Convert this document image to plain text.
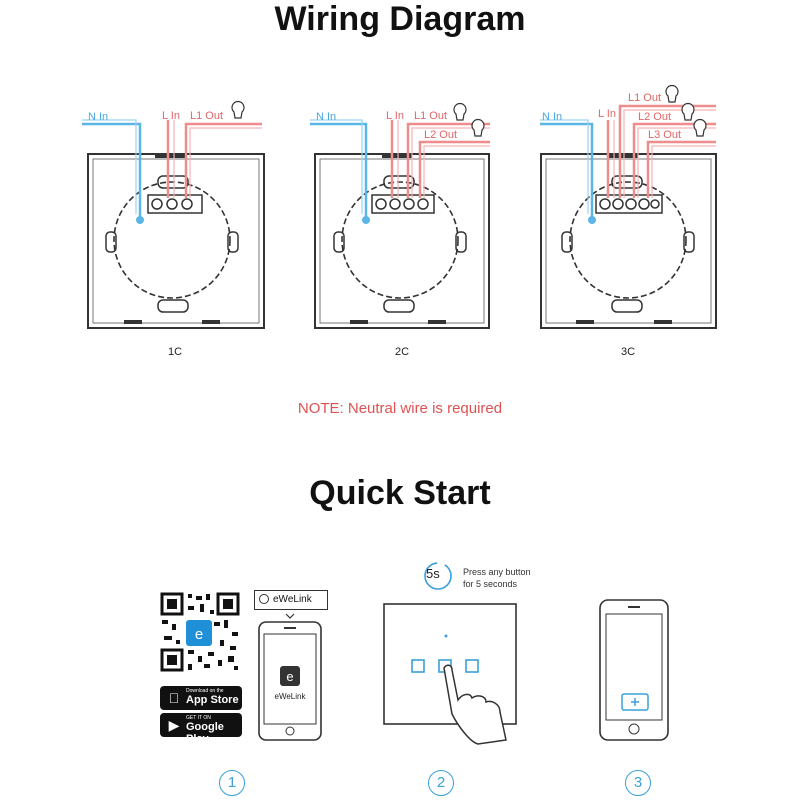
Wiring Diagram
N In	L In L1 Out	N In	L In L1 Out
L2 Out
N In	L In
L1 Out
L2 Out
L3 Out
e
e
1C	2C	3C
NOTE: Neutral wire is required
Quick Start
Download on the
App Store
▶	GET IT ON
Google Play
eWeLink
eWeLink
5s	Press any button
for 5 seconds
1	2	3
